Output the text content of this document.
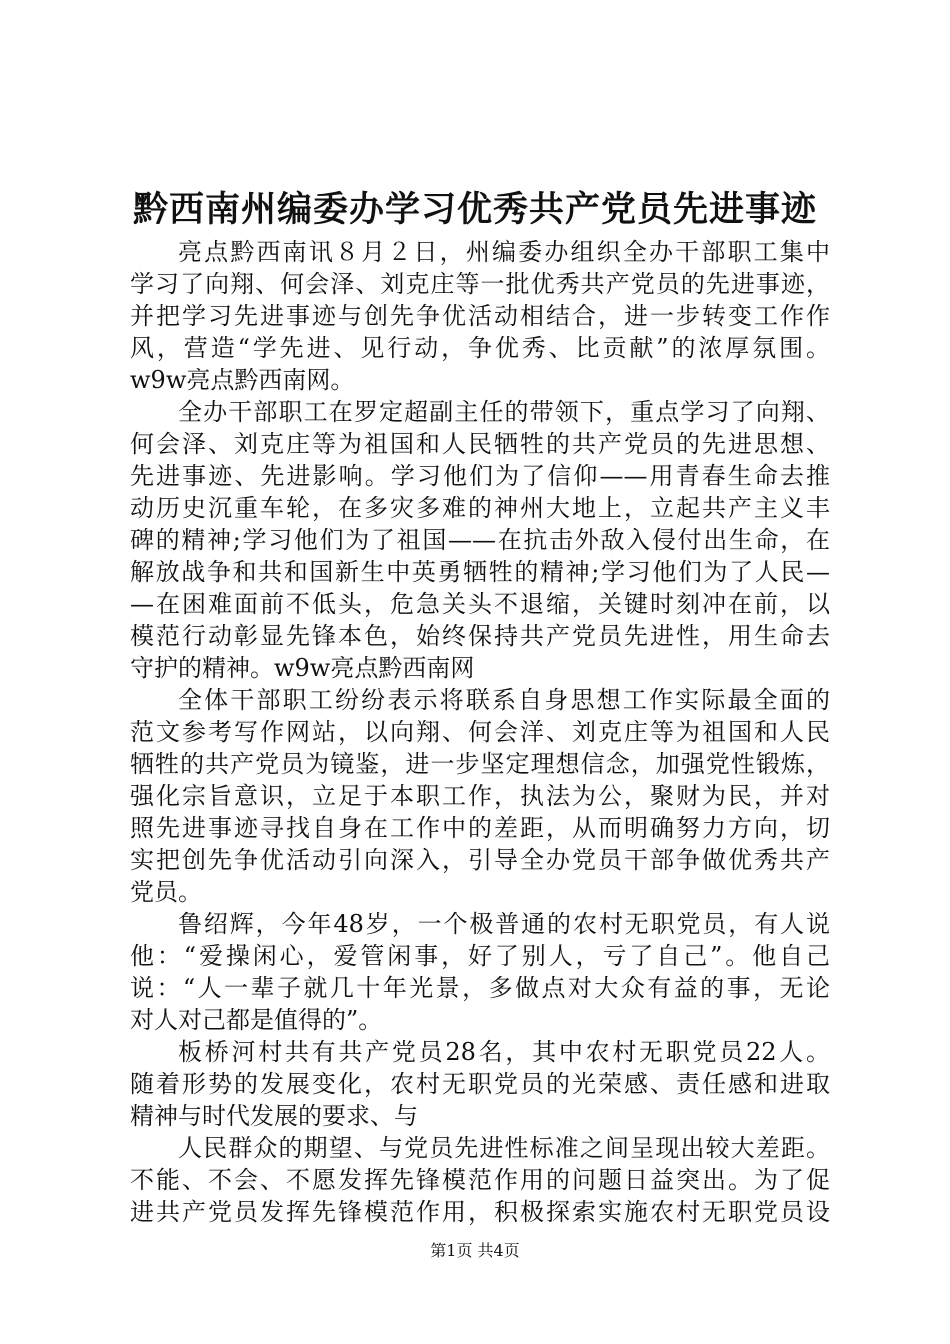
黔西南州编委办学习优秀共产党员先进事迹

亮点黔西南讯８月２日，州编委办组织全办干部职工集中
学习了向翔、何会泽、刘克庄等一批优秀共产党员的先进事迹，
并把学习先进事迹与创先争优活动相结合，进一步转变工作作
风，营造“学先进、见行动，争优秀、比贡献”的浓厚氛围。
w9w亮点黔西南网。

全办干部职工在罗定超副主任的带领下，重点学习了向翔、
何会泽、刘克庄等为祖国和人民牺牲的共产党员的先进思想、
先进事迹、先进影响。学习他们为了信仰——用青春生命去推
动历史沉重车轮，在多灾多难的神州大地上，立起共产主义丰
碑的精神;学习他们为了祖国——在抗击外敌入侵付出生命，在
解放战争和共和国新生中英勇牺牲的精神;学习他们为了人民—
—在困难面前不低头，危急关头不退缩，关键时刻冲在前，以
模范行动彰显先锋本色，始终保持共产党员先进性，用生命去
守护的精神。w9w亮点黔西南网

全体干部职工纷纷表示将联系自身思想工作实际最全面的
范文参考写作网站，以向翔、何会洋、刘克庄等为祖国和人民
牺牲的共产党员为镜鉴，进一步坚定理想信念，加强党性锻炼，
强化宗旨意识，立足于本职工作，执法为公，聚财为民，并对
照先进事迹寻找自身在工作中的差距，从而明确努力方向，切
实把创先争优活动引向深入，引导全办党员干部争做优秀共产
党员。

鲁绍辉，今年48岁，一个极普通的农村无职党员，有人说
他：“爱操闲心，爱管闲事，好了别人，亏了自己”。他自己
说：“人一辈子就几十年光景，多做点对大众有益的事，无论
对人对己都是值得的”。

板桥河村共有共产党员28名，其中农村无职党员22人。
随着形势的发展变化，农村无职党员的光荣感、责任感和进取
精神与时代发展的要求、与

人民群众的期望、与党员先进性标准之间呈现出较大差距。
不能、不会、不愿发挥先锋模范作用的问题日益突出。为了促
进共产党员发挥先锋模范作用，积极探索实施农村无职党员设

第1页 共4页
